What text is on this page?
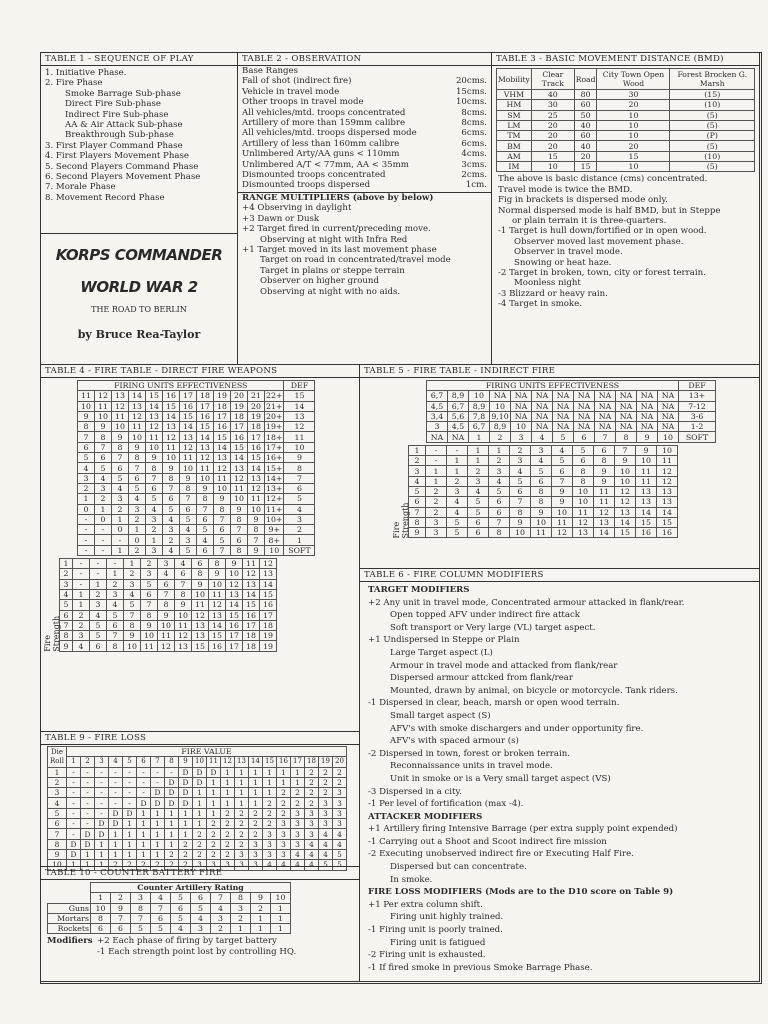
TABLE 1 - SEQUENCE OF PLAY
1. Initiative Phase.
2. Fire Phase
Smoke Barrage Sub-phase
Direct Fire Sub-phase
Indirect Fire Sub-phase
AA & Air Attack Sub-phase
Breakthrough Sub-phase
3. First Player Command Phase
4. First Players Movement Phase
5. Second Players Command Phase
6. Second Players Movement Phase
7. Morale Phase
8. Movement Record Phase
KORPS COMMANDER
WORLD WAR 2
THE ROAD TO BERLIN
by Bruce Rea-Taylor
TABLE 2 - OBSERVATION
Base Ranges
Fall of shot (indirect fire)	20cms.
Vehicle in travel mode	15cms.
Other troops in travel mode	10cms.
All vehicles/mtd. troops concentrated	8cms.
Artillery of more than 159mm calibre	8cms.
All vehicles/mtd. troops dispersed mode	6cms.
Artillery of less than 160mm calibre	6cms.
Unlimbered Arty/AA guns < 110mm	4cms.
Unlimbered A/T < 77mm, AA < 35mm	3cms.
Dismounted troops concentrated	2cms.
Dismounted troops dispersed	1cm.
RANGE MULTIPLIERS (above by below)
+4 Observing in daylight
+3 Dawn or Dusk
+2 Target fired in current/preceding move.
Observing at night with Infra Red
+1 Target moved in its last movement phase
Target on road in concentrated/travel mode
Target in plains or steppe terrain
Observer on higher ground
Observing at night with no aids.
TABLE 3 - BASIC MOVEMENT DISTANCE (BMD)
Mobility	Clear Track	Road	City Town Open Wood	Forest Brocken G. Marsh
VHM	40	80	30	(15)
HM	30	60	20	(10)
SM	25	50	10	(5)
LM	20	40	10	(5)
TM	20	60	10	(P)
BM	20	40	20	(5)
AM	15	20	15	(10)
IM	10	15	10	(5)
The above is basic distance (cms) concentrated.
Travel mode is twice the BMD.
Fig in brackets is dispersed mode only.
Normal dispersed mode is half BMD, but in Steppe
or plain terrain it is three-quarters.
-1 Target is hull down/fortified or in open wood.
Observer moved last movement phase.
Observer in travel mode.
Snowing or heat haze.
-2 Target in broken, town, city or forest terrain.
Moonless night
-3 Blizzard or heavy rain.
-4 Target in smoke.
TABLE 4 - FIRE TABLE - DIRECT FIRE WEAPONS
FIRING UNITS EFFECTIVENESS												DEF
11	12	13	14	15	16	17	18	19	20	21	22+	15
10	11	12	13	14	15	16	17	18	19	20	21+	14
9	10	11	12	13	14	15	16	17	18	19	20+	13
8	9	10	11	12	13	14	15	16	17	18	19+	12
7	8	9	10	11	12	13	14	15	16	17	18+	11
6	7	8	9	10	11	12	13	14	15	16	17+	10
5	6	7	8	9	10	11	12	13	14	15	16+	9
4	5	6	7	8	9	10	11	12	13	14	15+	8
3	4	5	6	7	8	9	10	11	12	13	14+	7
2	3	4	5	6	7	8	9	10	11	12	13+	6
1	2	3	4	5	6	7	8	9	10	11	12+	5
0	1	2	3	4	5	6	7	8	9	10	11+	4
-	0	1	2	3	4	5	6	7	8	9	10+	3
-	-	0	1	2	3	4	5	6	7	8	9+	2
-	-	-	0	1	2	3	4	5	6	7	8+	1
-	-	1	2	3	4	5	6	7	8	9	10	SOFT
Fire Strength
1	-	-	-	1	2	3	4	6	8	9	11	12
2	-	-	1	2	3	4	6	8	9	10	12	13
3	-	1	2	3	5	6	7	9	10	12	13	14
4	1	2	3	4	6	7	8	10	11	13	14	15
5	1	3	4	5	7	8	9	11	12	14	15	16
6	2	4	5	7	8	9	10	12	13	15	16	17
7	2	5	6	8	9	10	11	13	14	16	17	18
8	3	5	7	9	10	11	12	13	15	17	18	19
9	4	6	8	10	11	12	13	15	16	17	18	19
TABLE 5 - FIRE TABLE - INDIRECT FIRE
FIRING UNITS EFFECTIVENESS												DEF
6,7	8,9	10	NA	NA	NA	NA	NA	NA	NA	NA	NA	13+
4,5	6,7	8,9	10	NA	NA	NA	NA	NA	NA	NA	NA	7-12
3,4	5,6	7,8	9,10	NA	NA	NA	NA	NA	NA	NA	NA	3-6
3	4,5	6,7	8,9	10	NA	NA	NA	NA	NA	NA	NA	1-2
NA	NA	1	2	3	4	5	6	7	8	9	10	SOFT
Fire Strength
1	-	-	1	1	2	3	4	5	6	7	9	10
2	-	1	1	2	3	4	5	6	8	9	10	11
3	1	1	2	3	4	5	6	8	9	10	11	12
4	1	2	3	4	5	6	7	8	9	10	11	12
5	2	3	4	5	6	8	9	10	11	12	13	13
6	2	4	5	6	7	8	9	10	11	12	13	13
7	2	4	5	6	8	9	10	11	12	13	14	14
8	3	5	6	7	9	10	11	12	13	14	15	15
9	3	5	6	8	10	11	12	13	14	15	16	16
TABLE 6 - FIRE COLUMN MODIFIERS
TARGET MODIFIERS
+2 Any unit in travel mode, Concentrated armour attacked in flank/rear.
Open topped AFV under indirect fire attack
Soft transport or Very large (VL) target aspect.
+1 Undispersed in Steppe or Plain
Large Target aspect (L)
Armour in travel mode and attacked from flank/rear
Dispersed armour attcked from flank/rear
Mounted, drawn by animal, on bicycle or motorcycle. Tank riders.
-1 Dispersed in clear, beach, marsh or open wood terrain.
Small target aspect (S)
AFV's with smoke dischargers and under opportunity fire.
AFV's with spaced armour (s)
-2 Dispersed in town, forest or broken terrain.
Reconnaissance units in travel mode.
Unit in smoke or is a Very small target aspect (VS)
-3 Dispersed in a city.
-1 Per level of fortification (max -4).
ATTACKER MODIFIERS
+1 Artillery firing Intensive Barrage (per extra supply point expended)
-1 Carrying out a Shoot and Scoot indirect fire mission
-2 Executing unobserved indirect fire or Executing Half Fire.
Dispersed but can concentrate.
In smoke.
FIRE LOSS MODIFIERS (Mods are to the D10 score on Table 9)
+1 Per extra column shift.
Firing unit highly trained.
-1 Firing unit is poorly trained.
Firing unit is fatigued
-2 Firing unit is exhausted.
-1 If fired smoke in previous Smoke Barrage Phase.
TABLE 9 - FIRE LOSS
Die Roll	FIRE VALUE																			
	1	2	3	4	5	6	7	8	9	10	11	12	13	14	15	16	17	18	19	20
1	-	-	-	-	-	-	-	-	D	D	D	1	1	1	1	1	1	2	2	2
2	-	-	-	-	-	-	-	D	D	D	1	1	1	1	1	1	1	2	2	2
3	-	-	-	-	-	-	D	D	D	1	1	1	1	1	1	2	2	2	2	3
4	-	-	-	-	-	D	D	D	D	1	1	1	1	1	2	2	2	2	3	3
5	-	-	-	D	D	1	1	1	1	1	1	2	2	2	2	2	3	3	3	3
6	-	-	D	D	1	1	1	1	1	1	2	2	2	2	2	3	3	3	3	3
7	-	D	D	1	1	1	1	1	1	2	2	2	2	2	3	3	3	3	4	4
8	D	D	1	1	1	1	1	1	2	2	2	2	2	3	3	3	3	4	4	4
9	D	1	1	1	1	1	1	2	2	2	2	2	3	3	3	3	4	4	4	5
10	1	1	1	2	2	2	2	2	2	3	3	3	3	3	4	4	4	4	5	5
TABLE 10 - COUNTER BATTERY FIRE
	Counter Artillery Rating									
	1	2	3	4	5	6	7	8	9	10
Guns	10	9	8	7	6	5	4	3	2	1
Mortars	8	7	7	6	5	4	3	2	1	1
Rockets	6	6	5	5	4	3	2	1	1	1
Modifiers +2 Each phase of firing by target battery
-1 Each strength point lost by controlling HQ.
